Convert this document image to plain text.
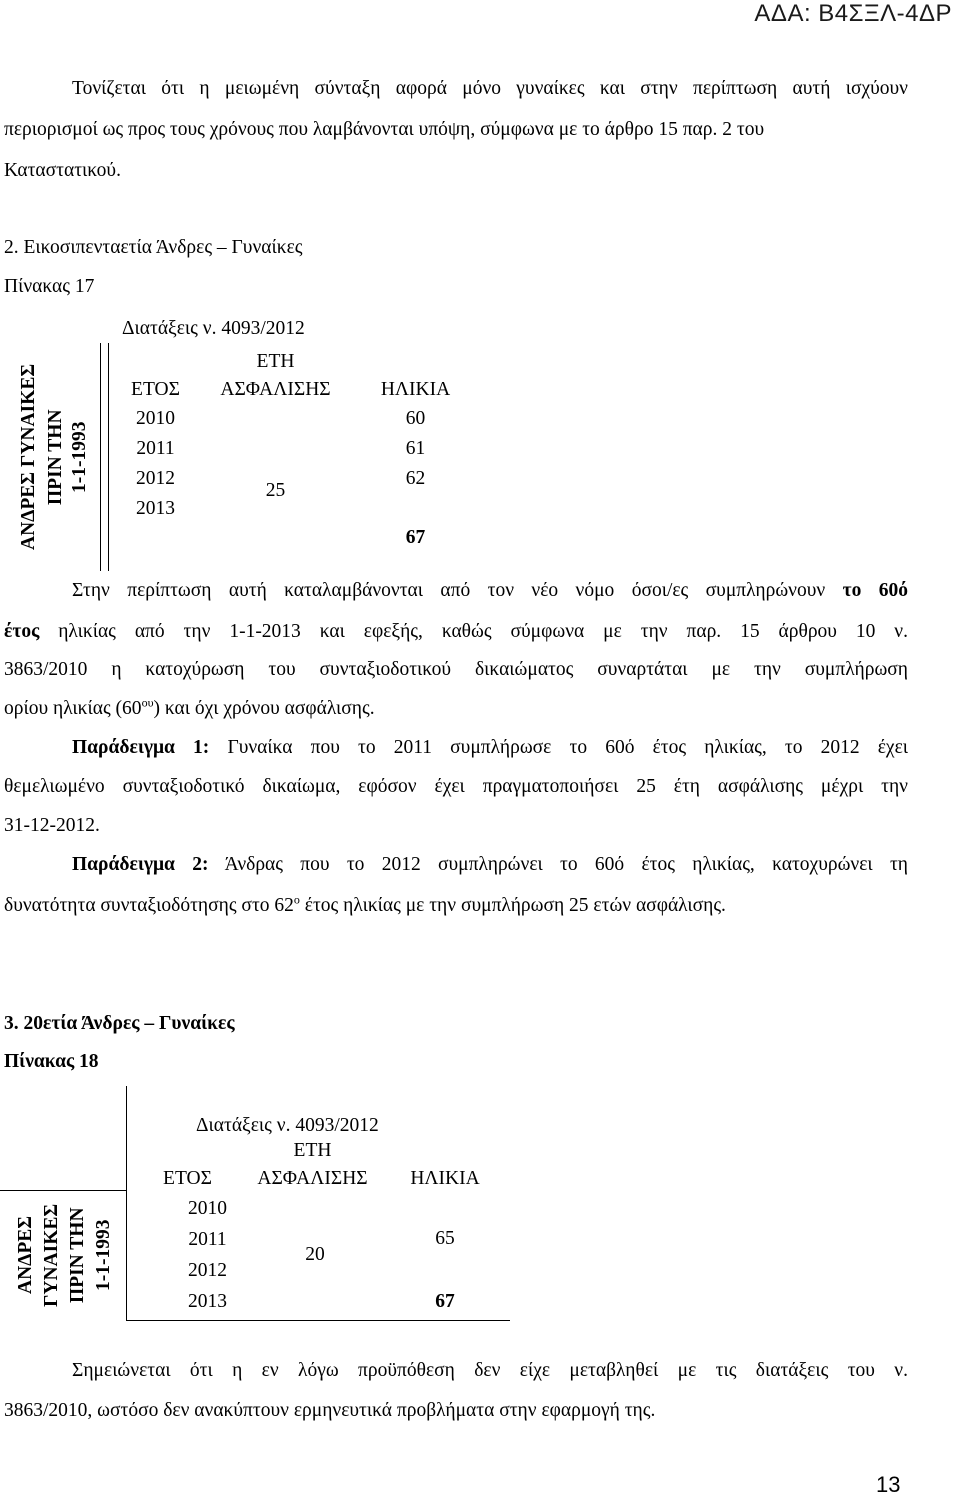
ΑΔΑ: Β4ΣΞΛ-4ΔΡ
Τονίζεται ότι η μειωμένη σύνταξη αφορά μόνο γυναίκες και στην περίπτωση αυτή ισχύουν
περιορισμοί ως προς τους χρόνους που λαμβάνονται υπόψη, σύμφωνα με το άρθρο 15 παρ. 2 του
Καταστατικού.
2. Εικοσιπενταετία Άνδρες – Γυναίκες
Πίνακας 17
ΑΝΔΡΕΣ ΓΥΝΑΙΚΕΣ ΠΡΙΝ ΤΗΝ 1-1-1993
Διατάξεις ν. 4093/2012
ΕΤΟΣ
ΕΤΗ
ΑΣΦΑΛΙΣΗΣ	ΗΛΙΚΙΑ
2010
2011
2012
2013
25
60
61
62
67
Στην περίπτωση αυτή καταλαμβάνονται από τον νέο νόμο όσοι/ες συμπληρώνουν το 60ό
έτος ηλικίας από την 1-1-2013 και εφεξής, καθώς σύμφωνα με την παρ. 15 άρθρου 10 ν.
3863/2010 η κατοχύρωση του συνταξιοδοτικού δικαιώματος συναρτάται με την συμπλήρωση
ορίου ηλικίας $(60^{o\upsilon})$ και όχι χρόνου ασφάλισης.
Παράδειγμα 1: Γυναίκα που το 2011 συμπλήρωσε το 60ό έτος ηλικίας, το 2012 έχει
θεμελιωμένο συνταξιοδοτικό δικαίωμα, εφόσον έχει πραγματοποιήσει 25 έτη ασφάλισης μέχρι την
31-12-2012.
Παράδειγμα 2: Άνδρας που το 2012 συμπληρώνει το 60ό έτος ηλικίας, κατοχυρώνει τη
δυνατότητα συνταξιοδότησης στο $62^o$ έτος ηλικίας με την συμπλήρωση 25 ετών ασφάλισης.
3. 20ετία Άνδρες – Γυναίκες
Πίνακας 18
ΑΝΔΡΕΣ ΓΥΝΑΙΚΕΣ ΠΡΙΝ ΤΗΝ 1-1-1993
Διατάξεις ν. 4093/2012
ΕΤΟΣ
ΕΤΗ
ΑΣΦΑΛΙΣΗΣ	ΗΛΙΚΙΑ
2010
2011
2012
2013
20
65
67
Σημειώνεται ότι η εν λόγω προϋπόθεση δεν είχε μεταβληθεί με τις διατάξεις του ν.
3863/2010, ωστόσο δεν ανακύπτουν ερμηνευτικά προβλήματα στην εφαρμογή της.
13
